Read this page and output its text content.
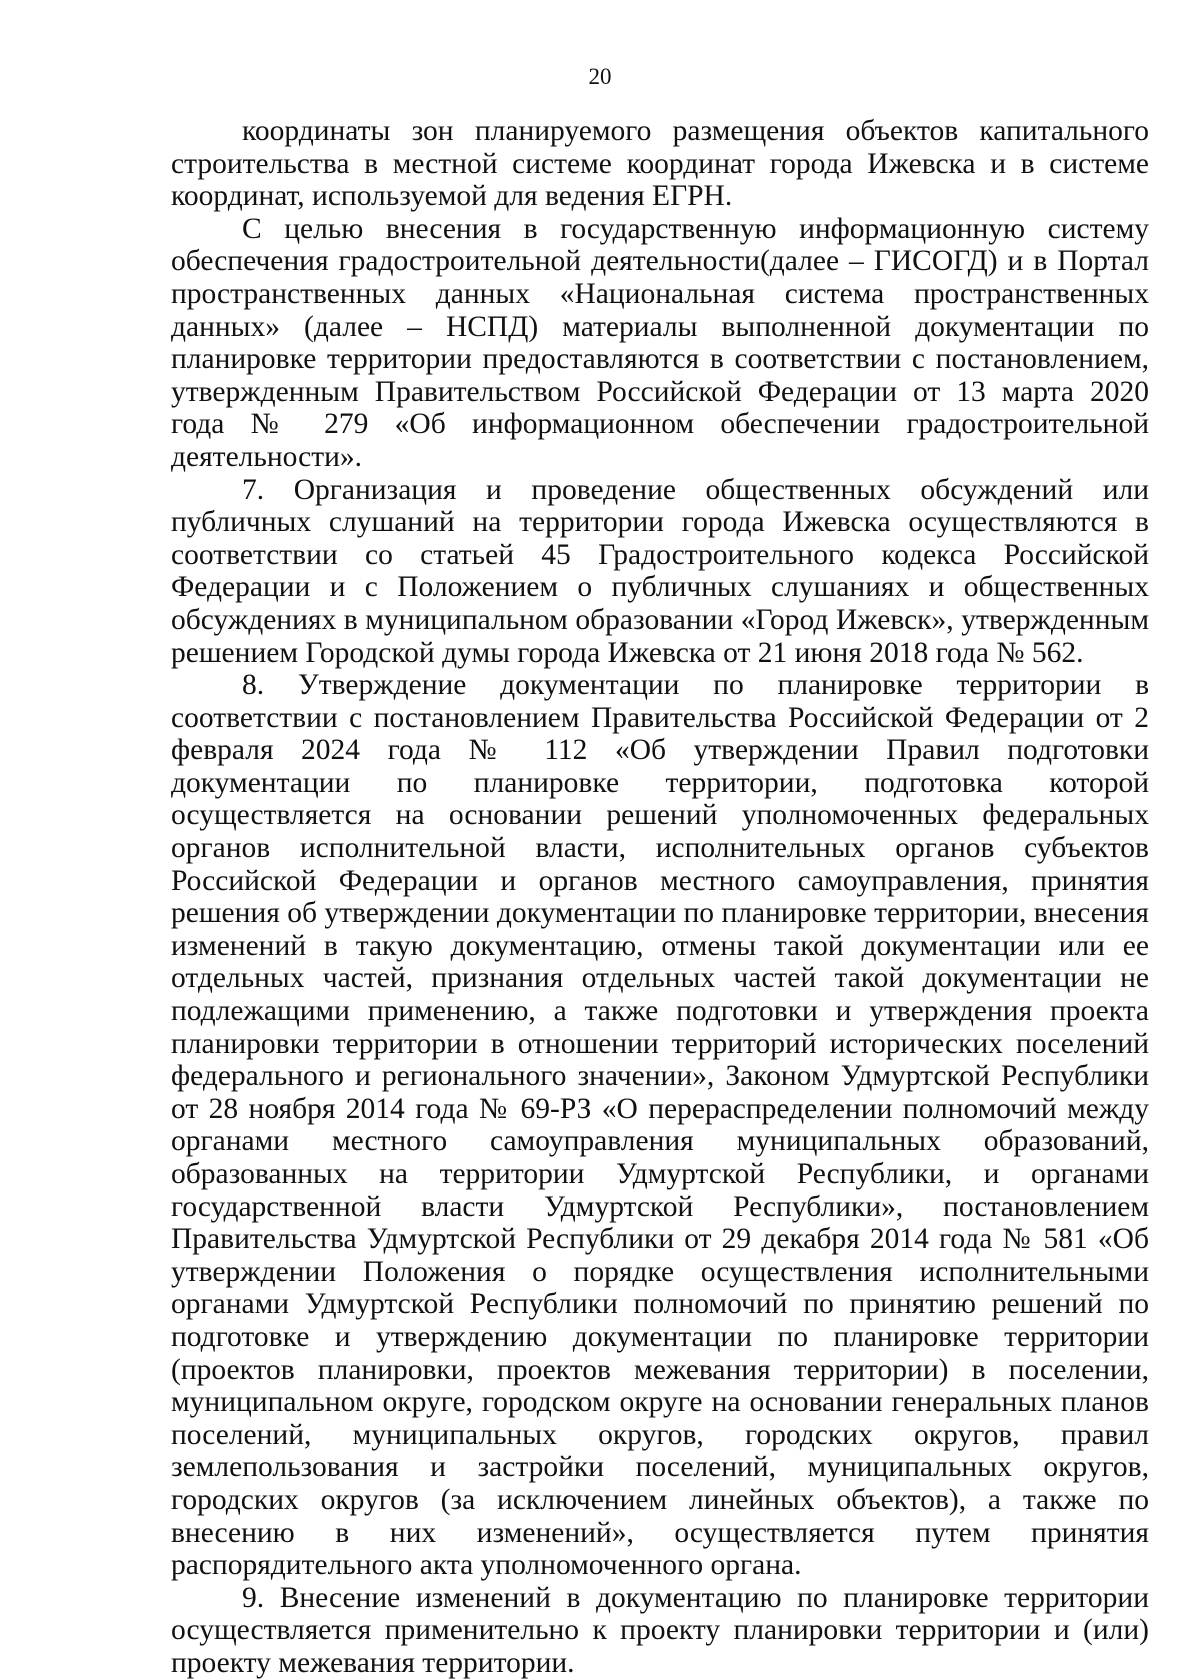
20

координаты зон планируемого размещения объектов капитального строительства в местной системе координат города Ижевска и в системе координат, используемой для ведения ЕГРН.

С целью внесения в государственную информационную систему обеспечения градостроительной деятельности(далее – ГИСОГД) и в Портал пространственных данных «Национальная система пространственных данных» (далее – НСПД) материалы выполненной документации по планировке территории предоставляются в соответствии с постановлением, утвержденным Правительством Российской Федерации от 13 марта 2020 года № 279 «Об информационном обеспечении градостроительной деятельности».

7. Организация и проведение общественных обсуждений или публичных слушаний на территории города Ижевска осуществляются в соответствии со статьей 45 Градостроительного кодекса Российской Федерации и с Положением о публичных слушаниях и общественных обсуждениях в муниципальном образовании «Город Ижевск», утвержденным решением Городской думы города Ижевска от 21 июня 2018 года № 562.

8. Утверждение документации по планировке территории в соответствии с постановлением Правительства Российской Федерации от 2 февраля 2024 года № 112 «Об утверждении Правил подготовки документации по планировке территории, подготовка которой осуществляется на основании решений уполномоченных федеральных органов исполнительной власти, исполнительных органов субъектов Российской Федерации и органов местного самоуправления, принятия решения об утверждении документации по планировке территории, внесения изменений в такую документацию, отмены такой документации или ее отдельных частей, признания отдельных частей такой документации не подлежащими применению, а также подготовки и утверждения проекта планировки территории в отношении территорий исторических поселений федерального и регионального значении», Законом Удмуртской Республики от 28 ноября 2014 года № 69-РЗ «О перераспределении полномочий между органами местного самоуправления муниципальных образований, образованных на территории Удмуртской Республики, и органами государственной власти Удмуртской Республики», постановлением Правительства Удмуртской Республики от 29 декабря 2014 года № 581 «Об утверждении Положения о порядке осуществления исполнительными органами Удмуртской Республики полномочий по принятию решений по подготовке и утверждению документации по планировке территории (проектов планировки, проектов межевания территории) в поселении, муниципальном округе, городском округе на основании генеральных планов поселений, муниципальных округов, городских округов, правил землепользования и застройки поселений, муниципальных округов, городских округов (за исключением линейных объектов), а также по внесению в них изменений», осуществляется путем принятия распорядительного акта уполномоченного органа.

9. Внесение изменений в документацию по планировке территории осуществляется применительно к проекту планировки территории и (или) проекту межевания территории.
